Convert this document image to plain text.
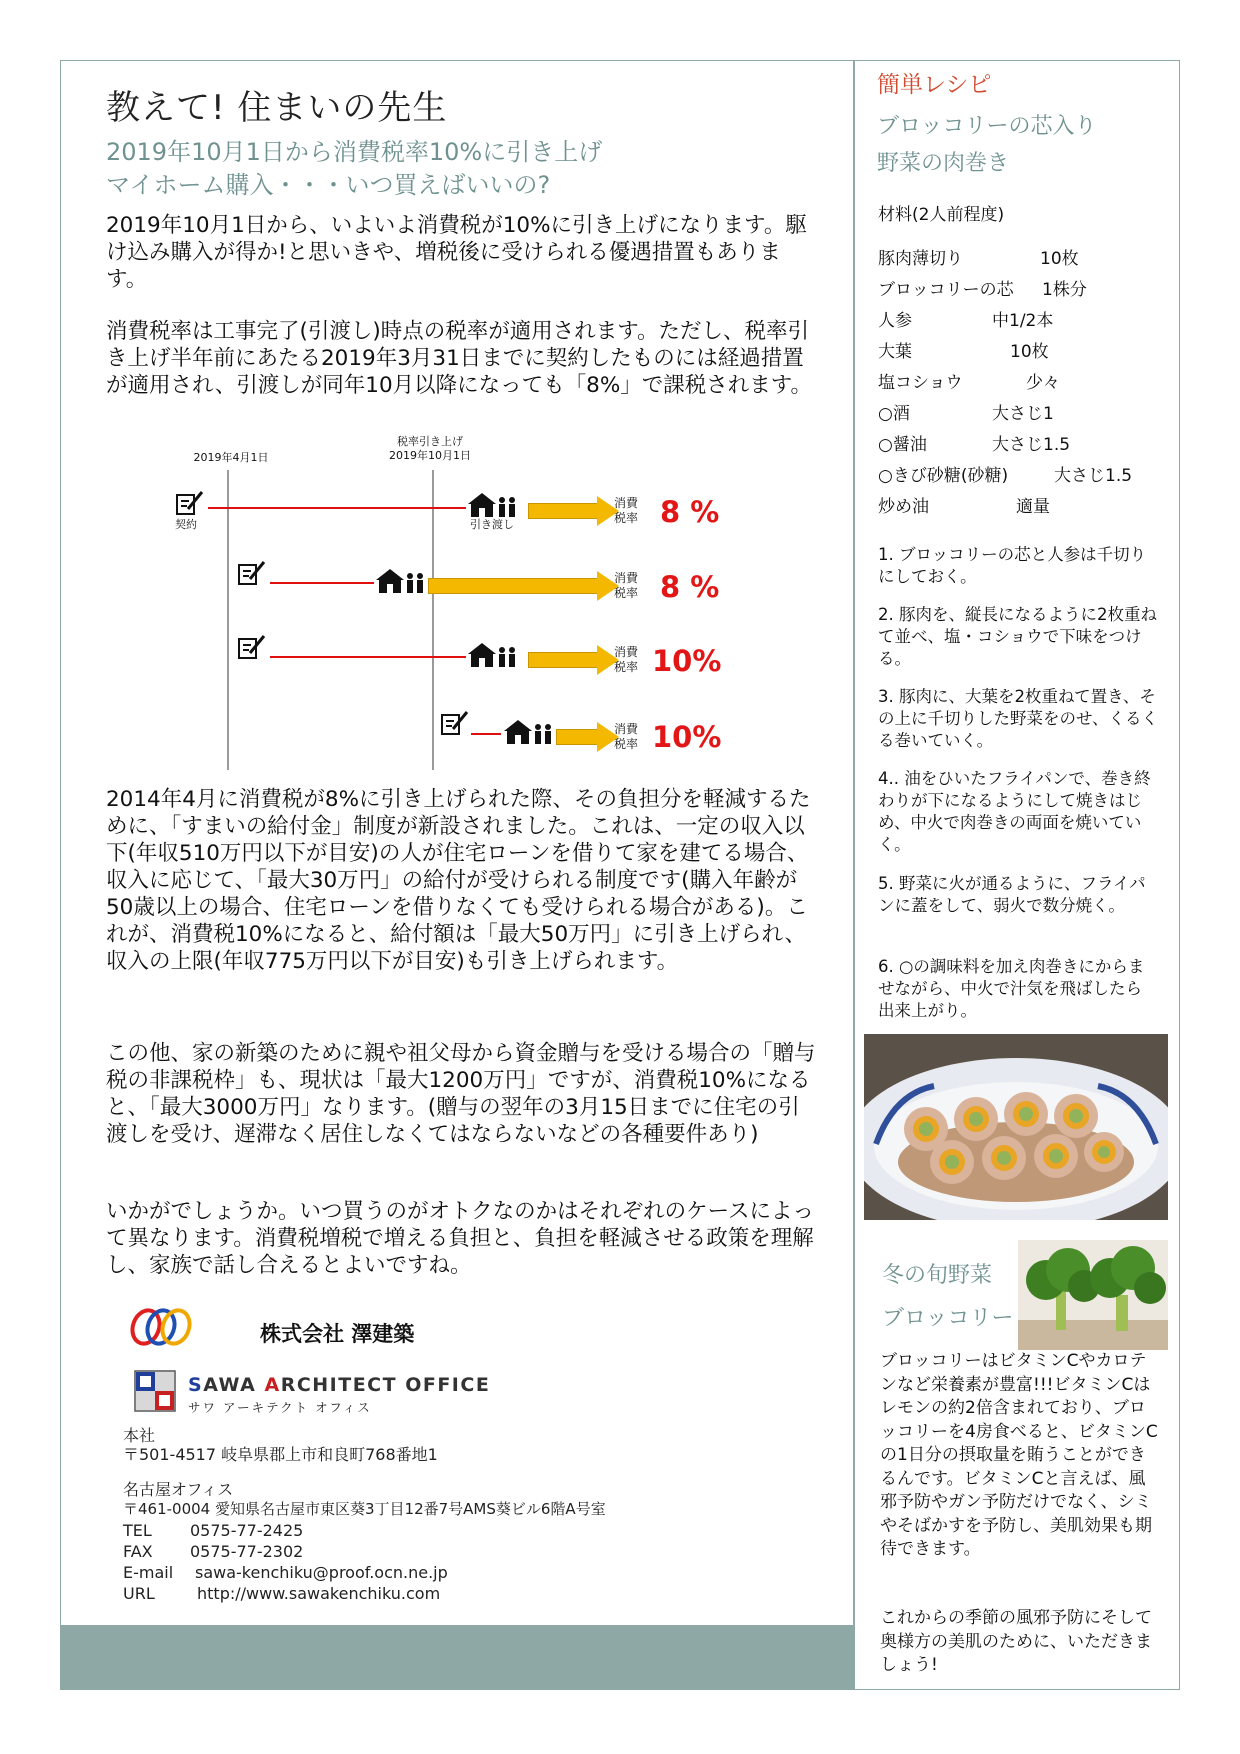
教えて! 住まいの先生
2019年10月1日から消費税率10%に引き上げ
マイホーム購入・・・いつ買えばいいの?

2019年10月1日から、いよいよ消費税が10%に引き上げになります。駆け込み購入が得か!と思いきや、増税後に受けられる優遇措置もあります。

消費税率は工事完了(引渡し)時点の税率が適用されます。ただし、税率引き上げ半年前にあたる2019年3月31日までに契約したものには経過措置が適用され、引渡しが同年10月以降になっても「8%」で課税されます。

2019年4月1日
税率引き上げ
2019年10月1日
契約	引き渡し
消費
税率 8 %
消費
税率 8 %
消費
税率 10%
消費
税率 10%

2014年4月に消費税が8%に引き上げられた際、その負担分を軽減するために、「すまいの給付金」制度が新設されました。これは、一定の収入以下(年収510万円以下が目安)の人が住宅ローンを借りて家を建てる場合、収入に応じて、「最大30万円」の給付が受けられる制度です(購入年齢が50歳以上の場合、住宅ローンを借りなくても受けられる場合がある)。これが、消費税10%になると、給付額は「最大50万円」に引き上げられ、収入の上限(年収775万円以下が目安)も引き上げられます。

この他、家の新築のために親や祖父母から資金贈与を受ける場合の「贈与税の非課税枠」も、現状は「最大1200万円」ですが、消費税10%になると、「最大3000万円」なります。(贈与の翌年の3月15日までに住宅の引渡しを受け、遅滞なく居住しなくてはならないなどの各種要件あり)

いかがでしょうか。いつ買うのがオトクなのかはそれぞれのケースによって異なります。消費税増税で増える負担と、負担を軽減させる政策を理解し、家族で話し合えるとよいですね。

株式会社 澤建築
SAWA ARCHITECT OFFICE
サワ アーキテクト オフィス
本社
〒501-4517 岐阜県郡上市和良町768番地1
名古屋オフィス
〒461-0004 愛知県名古屋市東区葵3丁目12番7号AMS葵ビル6階A号室
TEL 0575-77-2425
FAX 0575-77-2302
E-mail sawa-kenchiku@proof.ocn.ne.jp
URL	http://www.sawakenchiku.com
簡単レシピ
ブロッコリーの芯入り
野菜の肉巻き
材料(2人前程度)
豚肉薄切り	10枚
ブロッコリーの芯 1株分
人参	中1/2本
大葉	10枚
塩コショウ	少々
○酒	大さじ1
○醤油	大さじ1.5
○きび砂糖(砂糖)	大さじ1.5
炒め油	適量

1. ブロッコリーの芯と人参は千切りにしておく。

2. 豚肉を、縦長になるように2枚重ねて並べ、塩・コショウで下味をつける。

3. 豚肉に、大葉を2枚重ねて置き、その上に千切りした野菜をのせ、くるくる巻いていく。

4.. 油をひいたフライパンで、巻き終わりが下になるようにして焼きはじめ、中火で肉巻きの両面を焼いていく。

5. 野菜に火が通るように、フライパンに蓋をして、弱火で数分焼く。

6. ○の調味料を加え肉巻きにからませながら、中火で汁気を飛ばしたら出来上がり。

冬の旬野菜
ブロッコリー

ブロッコリーはビタミンCやカロテンなど栄養素が豊富!!!ビタミンCはレモンの約2倍含まれており、ブロッコリーを4房食べると、ビタミンCの1日分の摂取量を賄うことができるんです。ビタミンCと言えば、風邪予防やガン予防だけでなく、シミやそばかすを予防し、美肌効果も期待できます。

これからの季節の風邪予防にそして奥様方の美肌のために、いただきましょう!
